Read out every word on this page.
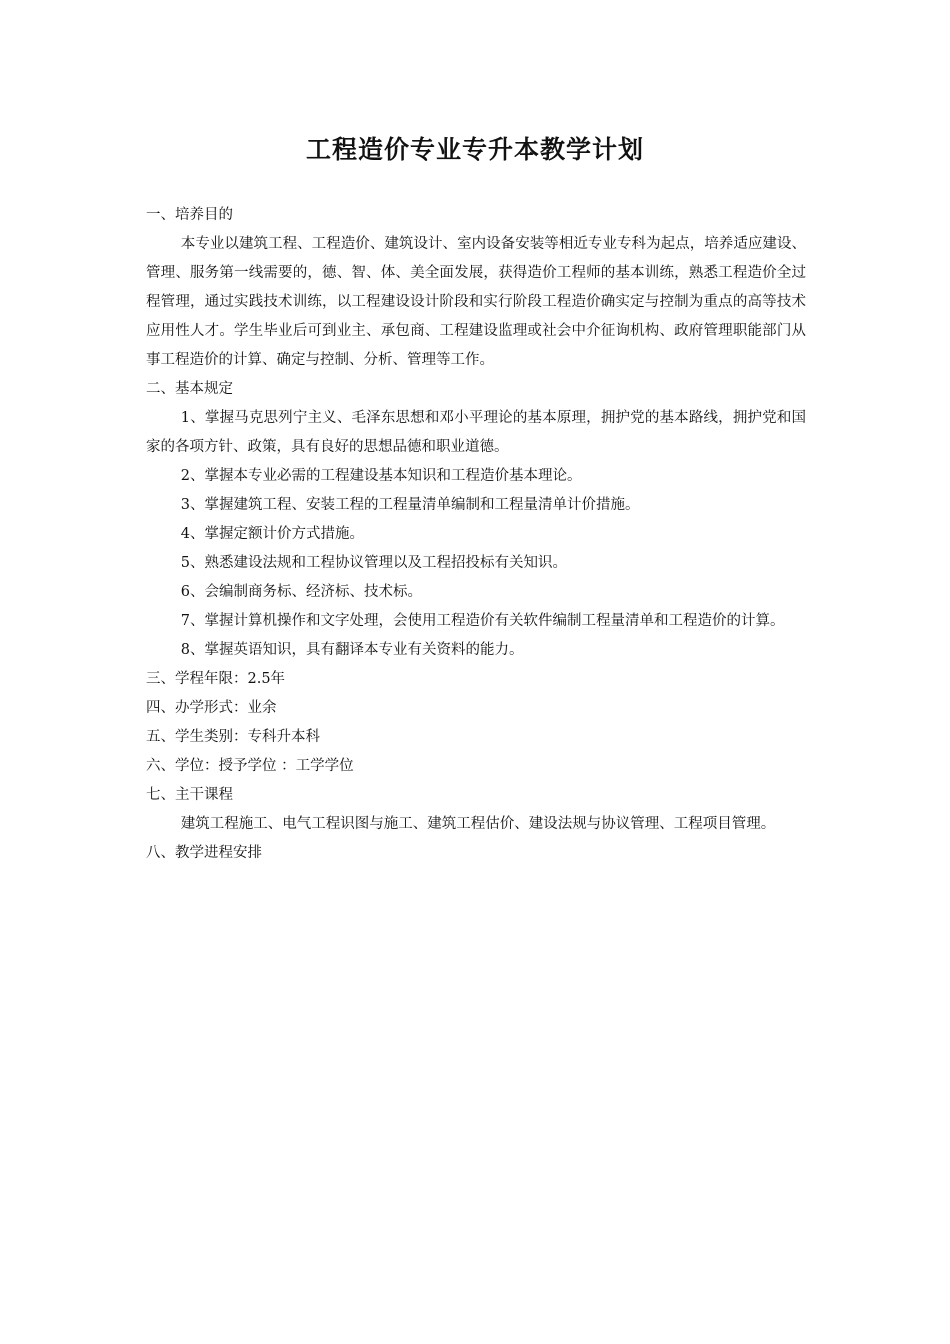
工程造价专业专升本教学计划

一、培养目的

本专业以建筑工程、工程造价、建筑设计、室内设备安装等相近专业专科为起点，培养适应建设、管理、服务第一线需要的，德、智、体、美全面发展，获得造价工程师的基本训练，熟悉工程造价全过程管理，通过实践技术训练，以工程建设设计阶段和实行阶段工程造价确实定与控制为重点的高等技术应用性人才。学生毕业后可到业主、承包商、工程建设监理或社会中介征询机构、政府管理职能部门从事工程造价的计算、确定与控制、分析、管理等工作。

二、基本规定

1、掌握马克思列宁主义、毛泽东思想和邓小平理论的基本原理，拥护党的基本路线，拥护党和国家的各项方针、政策，具有良好的思想品德和职业道德。

2、掌握本专业必需的工程建设基本知识和工程造价基本理论。

3、掌握建筑工程、安装工程的工程量清单编制和工程量清单计价措施。

4、掌握定额计价方式措施。

5、熟悉建设法规和工程协议管理以及工程招投标有关知识。

6、会编制商务标、经济标、技术标。

7、掌握计算机操作和文字处理，会使用工程造价有关软件编制工程量清单和工程造价的计算。

8、掌握英语知识，具有翻译本专业有关资料的能力。

三、学程年限：2.5年

四、办学形式：业余

五、学生类别：专科升本科

六、学位：授予学位 ：工学学位

七、主干课程

建筑工程施工、电气工程识图与施工、建筑工程估价、建设法规与协议管理、工程项目管理。

八、教学进程安排
